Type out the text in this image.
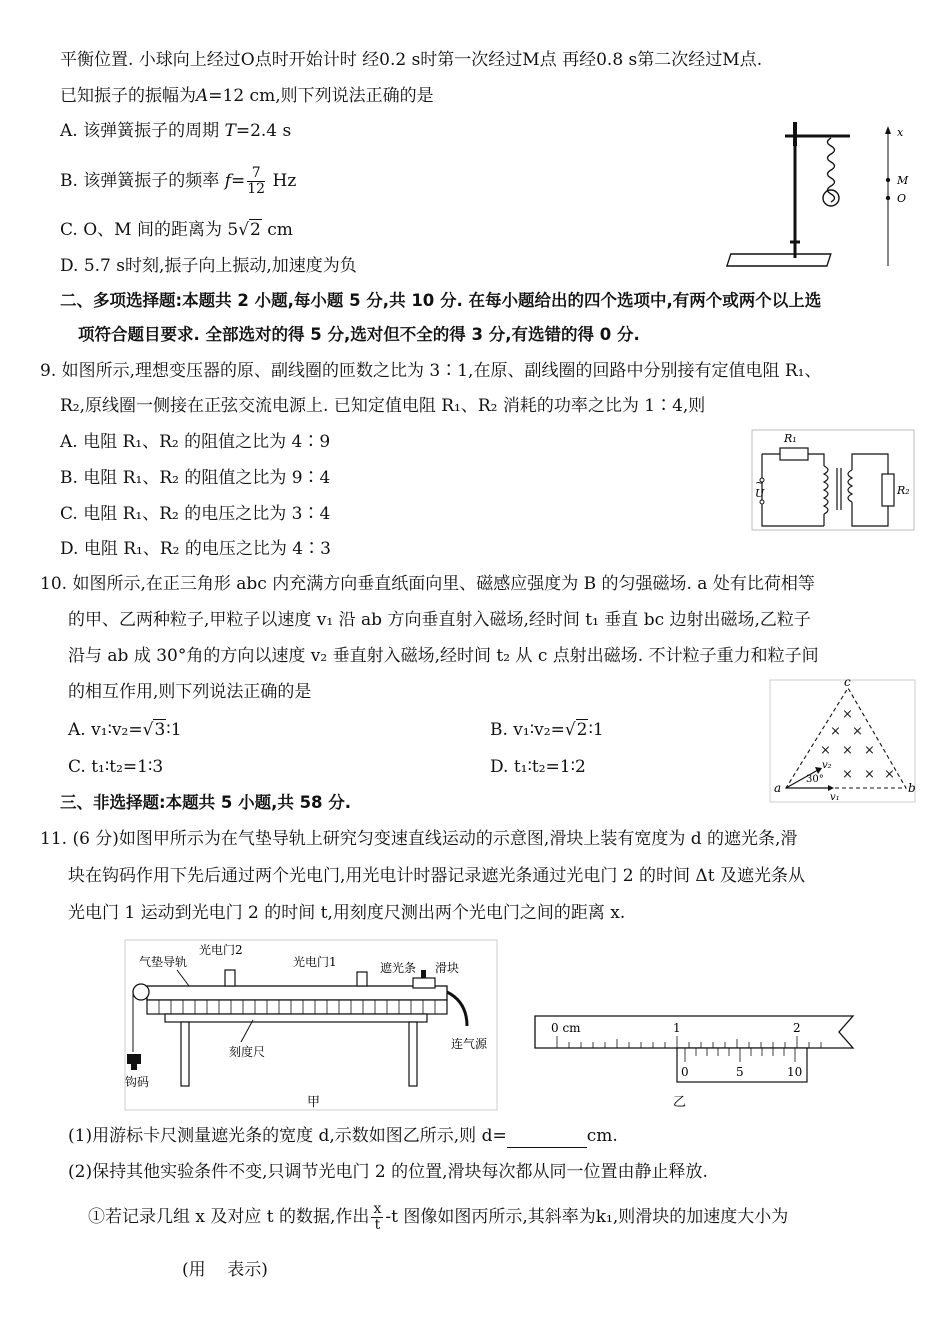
平衡位置. 小球向上经过O点时开始计时 经0.2 s时第一次经过M点 再经0.8 s第二次经过M点.
已知振子的振幅为A=12 cm,则下列说法正确的是
A. 该弹簧振子的周期 T=2.4 s
B. 该弹簧振子的频率 $f= \frac{7}{12}$ Hz
C. O、M 间的距离为 5√2 cm
D. 5.7 s时刻,振子向上振动,加速度为负
x
M
O
二、多项选择题:本题共 2 小题,每小题 5 分,共 10 分. 在每小题给出的四个选项中,有两个或两个以上选
项符合题目要求. 全部选对的得 5 分,选对但不全的得 3 分,有选错的得 0 分.
9. 如图所示,理想变压器的原、副线圈的匝数之比为 3∶1,在原、副线圈的回路中分别接有定值电阻 R₁、
R₂,原线圈一侧接在正弦交流电源上. 已知定值电阻 R₁、R₂ 消耗的功率之比为 1∶4,则
A. 电阻 R₁、R₂ 的阻值之比为 4∶9
B. 电阻 R₁、R₂ 的阻值之比为 9∶4
C. 电阻 R₁、R₂ 的电压之比为 3∶4
D. 电阻 R₁、R₂ 的电压之比为 4∶3
R₁
R₂
~
U
10. 如图所示,在正三角形 abc 内充满方向垂直纸面向里、磁感应强度为 B 的匀强磁场. a 处有比荷相等
的甲、乙两种粒子,甲粒子以速度 v₁ 沿 ab 方向垂直射入磁场,经时间 t₁ 垂直 bc 边射出磁场,乙粒子
沿与 ab 成 30°角的方向以速度 v₂ 垂直射入磁场,经时间 t₂ 从 c 点射出磁场. 不计粒子重力和粒子间
的相互作用,则下列说法正确的是
A. v₁∶v₂=√3∶1	B. v₁∶v₂=√2∶1
C. t₁∶t₂=1∶3	D. t₁∶t₂=1∶2
×
× ×
× × ×
× × ×
30°
v₂
v₁
a	b
c
三、非选择题:本题共 5 小题,共 58 分.
11. (6 分)如图甲所示为在气垫导轨上研究匀变速直线运动的示意图,滑块上装有宽度为 d 的遮光条,滑
块在钩码作用下先后通过两个光电门,用光电计时器记录遮光条通过光电门 2 的时间 Δt 及遮光条从
光电门 1 运动到光电门 2 的时间 t,用刻度尺测出两个光电门之间的距离 x.
气垫导轨
光电门2
光电门1	遮光条 滑块
连气源
钩码
刻度尺
甲
0 cm	1	2
0	5	10
乙
(1)用游标卡尺测量遮光条的宽度 d,示数如图乙所示,则 d=	cm.
(2)保持其他实验条件不变,只调节光电门 2 的位置,滑块每次都从同一位置由静止释放.
①若记录几组 x 及对应 t 的数据,作出 $\frac{x}{t} -t$ 图像如图丙所示,其斜率为k₁,则滑块的加速度大小为
(用    表示)
